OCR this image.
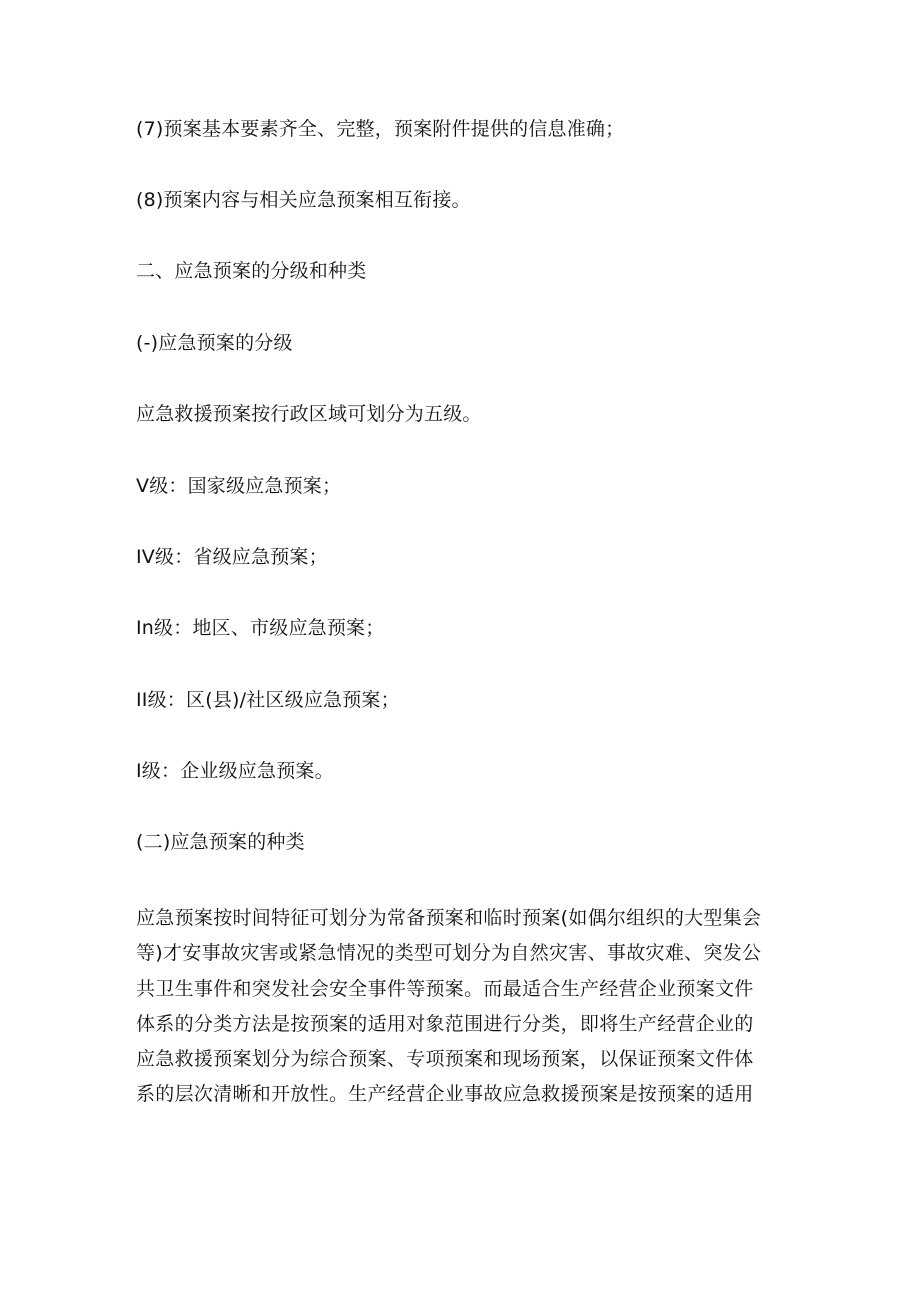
(7)预案基本要素齐全、完整，预案附件提供的信息准确；

(8)预案内容与相关应急预案相互衔接。

二、应急预案的分级和种类

(-)应急预案的分级

应急救援预案按行政区域可划分为五级。

V级：国家级应急预案；

IV级：省级应急预案；

In级：地区、市级应急预案；

II级：区(县)/社区级应急预案；

I级：企业级应急预案。

(二)应急预案的种类

应急预案按时间特征可划分为常备预案和临时预案(如偶尔组织的大型集会
等)才安事故灾害或紧急情况的类型可划分为自然灾害、事故灾难、突发公
共卫生事件和突发社会安全事件等预案。而最适合生产经营企业预案文件
体系的分类方法是按预案的适用对象范围进行分类，即将生产经营企业的
应急救援预案划分为综合预案、专项预案和现场预案，以保证预案文件体
系的层次清晰和开放性。生产经营企业事故应急救援预案是按预案的适用
